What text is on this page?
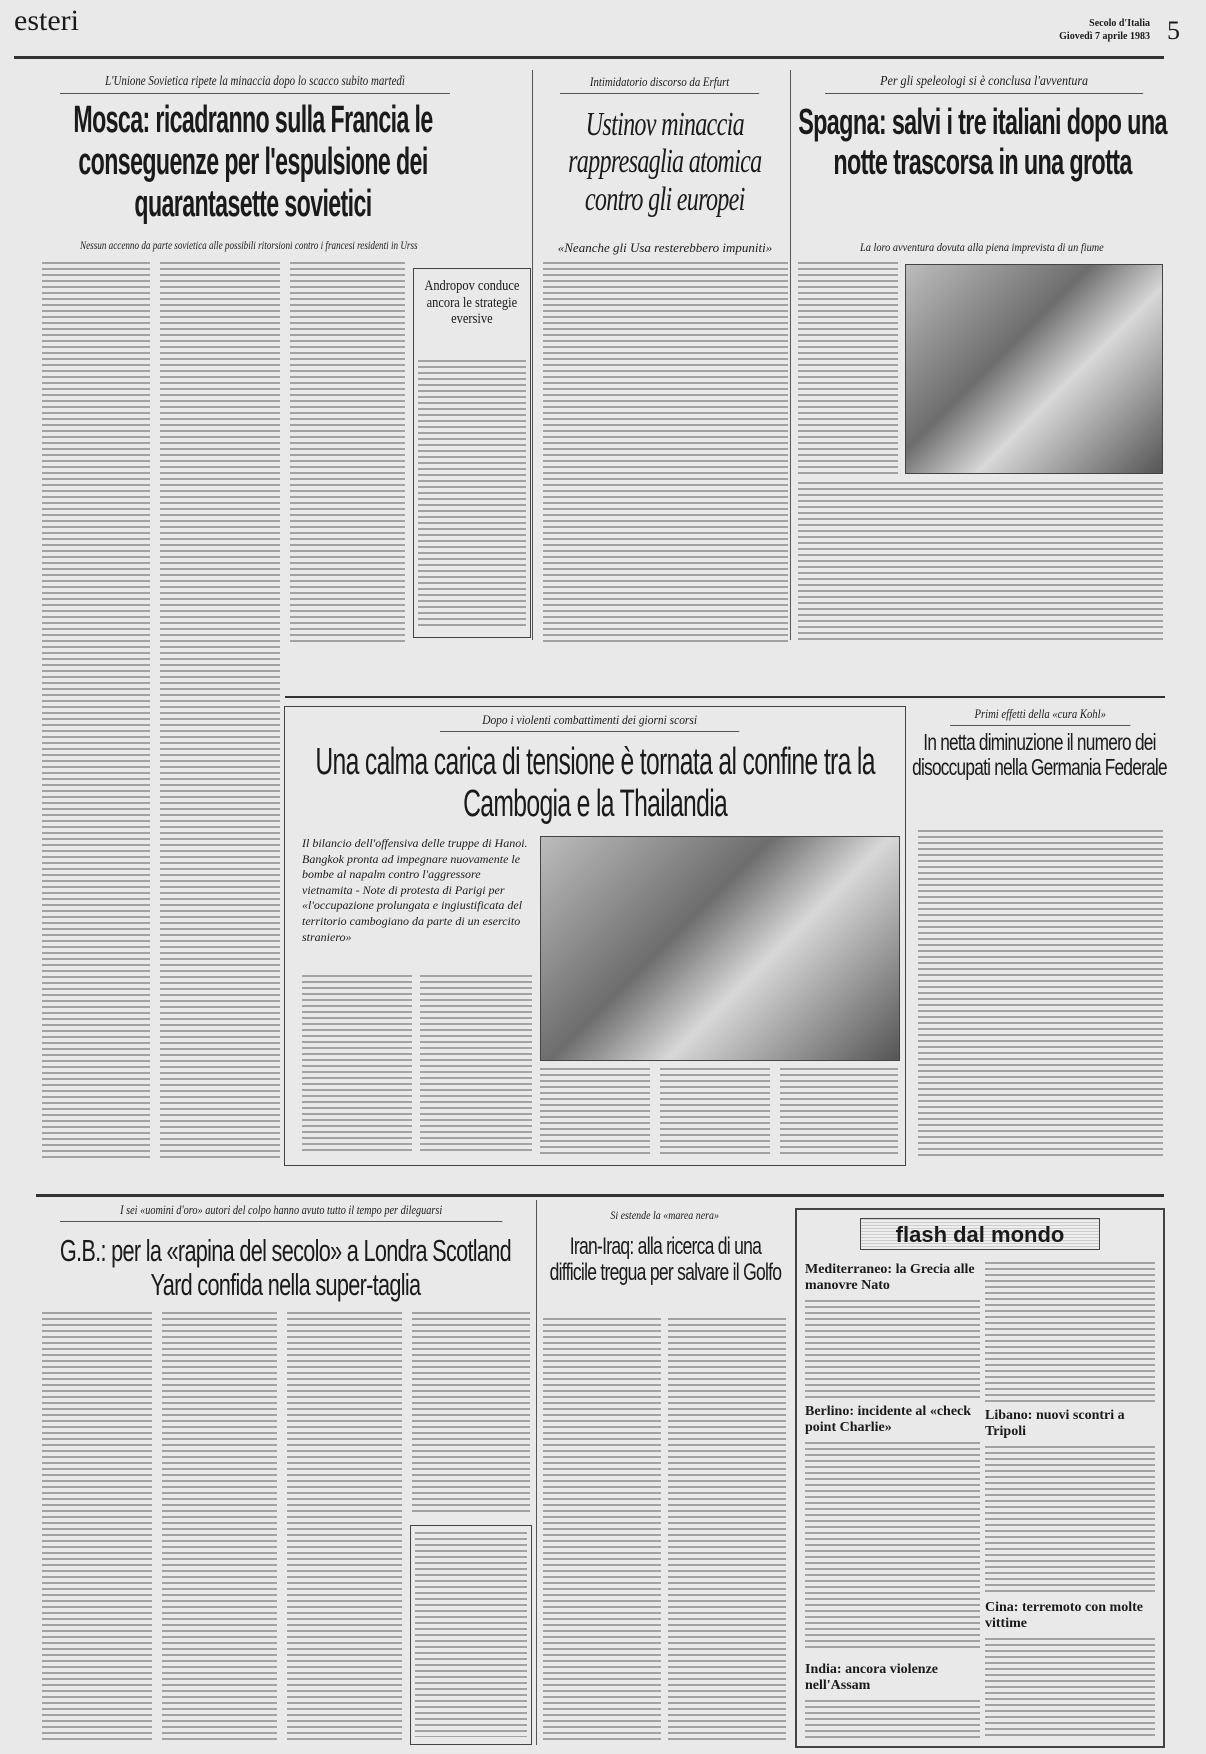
esteri	Secolo d'Italia
Giovedì 7 aprile 1983 5
L'Unione Sovietica ripete la minaccia dopo lo scacco subito martedì
Mosca: ricadranno sulla Francia le conseguenze per l'espulsione dei quarantasette sovietici
Nessun accenno da parte sovietica alle possibili ritorsioni contro i francesi residenti in Urss
Andropov conduce ancora le strategie eversive
Intimidatorio discorso da Erfurt
Ustinov minaccia rappresaglia atomica contro gli europei
«Neanche gli Usa resterebbero impuniti»
Per gli speleologi si è conclusa l'avventura
Spagna: salvi i tre italiani dopo una notte trascorsa in una grotta
La loro avventura dovuta alla piena imprevista di un fiume
Dopo i violenti combattimenti dei giorni scorsi
Una calma carica di tensione è tornata al confine tra la Cambogia e la Thailandia
Il bilancio dell'offensiva delle truppe di Hanoi. Bangkok pronta ad impegnare nuovamente le bombe al napalm contro l'aggressore vietnamita - Note di protesta di Parigi per «l'occupazione prolungata e ingiustificata del territorio cambogiano da parte di un esercito straniero»
Primi effetti della «cura Kohl»
In netta diminuzione il numero dei disoccupati nella Germania Federale
I sei «uomini d'oro» autori del colpo hanno avuto tutto il tempo per dileguarsi
G.B.: per la «rapina del secolo» a Londra Scotland Yard confida nella super-taglia
Si estende la «marea nera»
Iran-Iraq: alla ricerca di una difficile tregua per salvare il Golfo
flash dal mondo
Mediterraneo: la Grecia alle manovre Nato
Berlino: incidente al «check point Charlie»
India: ancora violenze nell'Assam
Libano: nuovi scontri a Tripoli
Cina: terremoto con molte vittime
